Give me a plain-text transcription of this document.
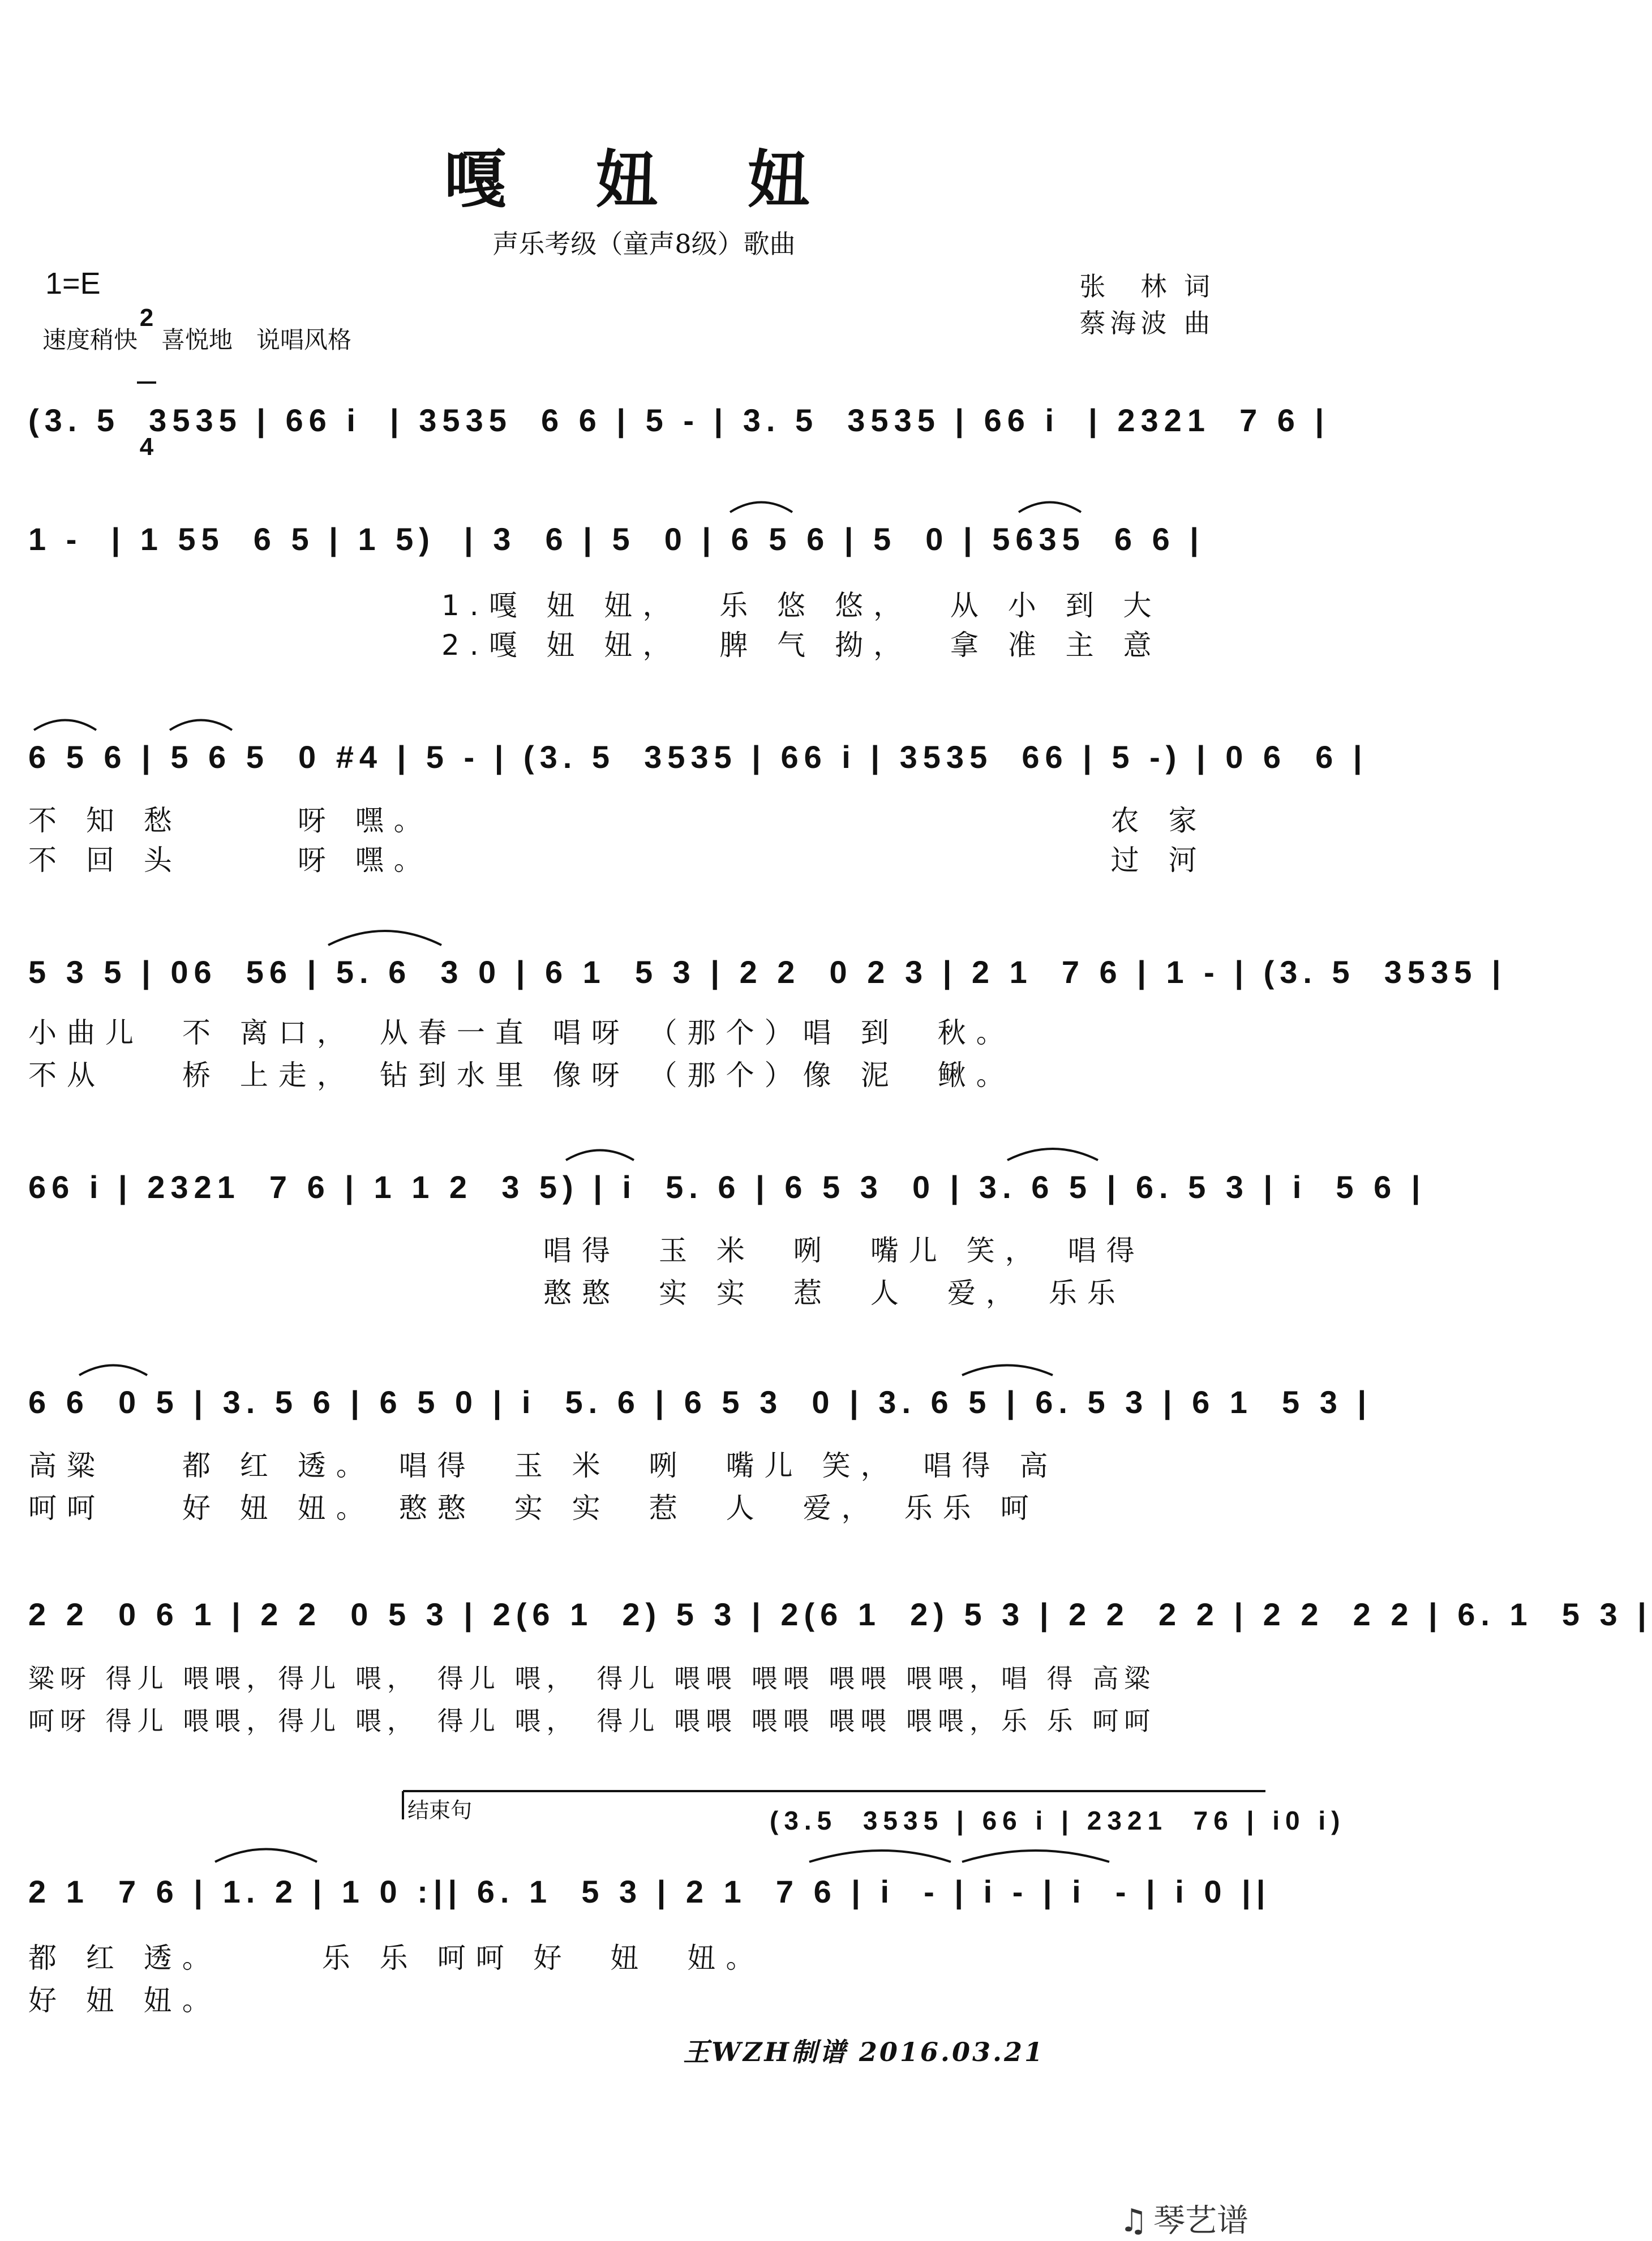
嘎 妞 妞
声乐考级（童声8级）歌曲
1=E

2

4

速度稍快　喜悦地　说唱风格
张　林 词
蔡海波 曲
(3. 5  3535 | 66 i  | 3535  6 6 | 5 - | 3. 5  3535 | 66 i  | 2321  7 6 |
1 -  | 1 55  6 5 | 1 5)  | 3  6 | 5  0 | 6 5 6 | 5  0 | 5635  6 6 |
1.嘎 妞 妞，  乐 悠 悠，  从 小 到 大
2.嘎 妞 妞，  脾 气 拗，  拿 准 主 意
6 5 6 | 5 6 5  0 #4 | 5 - | (3. 5  3535 | 66 i | 3535  66 | 5 -) | 0 6  6 |
不 知 愁　　　呀 嘿。　　　　　　　　　　　　　　　　　　农 家
不 回 头　　　呀 嘿。　　　　　　　　　　　　　　　　　　过 河
5 3 5 | 06  56 | 5. 6  3 0 | 6 1  5 3 | 2 2  0 2 3 | 2 1  7 6 | 1 - | (3. 5  3535 |
小曲儿　不 离口，　从春一直 唱呀 （那个）唱 到　秋。
不从　　桥 上走，　钻到水里 像呀 （那个）像 泥　鳅。
66 i | 2321  7 6 | 1 1 2  3 5) | i  5. 6 | 6 5 3  0 | 3. 6 5 | 6. 5 3 | i  5 6 |
唱得　玉 米　咧　嘴儿 笑，　唱得
憨憨　实 实　惹　人　爱，　乐乐
6 6  0 5 | 3. 5 6 | 6 5 0 | i  5. 6 | 6 5 3  0 | 3. 6 5 | 6. 5 3 | 6 1  5 3 |
高粱　　都 红 透。　唱得　玉 米　咧　嘴儿 笑，　唱得 高
呵呵　　好 妞 妞。　憨憨　实 实　惹　人　爱，　乐乐 呵
2 2  0 6 1 | 2 2  0 5 3 | 2(6 1  2) 5 3 | 2(6 1  2) 5 3 | 2 2  2 2 | 2 2  2 2 | 6. 1  5 3 |
粱呀 得儿 喂喂，得儿 喂，　得儿 喂，　得儿 喂喂 喂喂 喂喂 喂喂，唱 得 高粱
呵呀 得儿 喂喂，得儿 喂，　得儿 喂，　得儿 喂喂 喂喂 喂喂 喂喂，乐 乐 呵呵
结束句	(3.5  3535 | 66 i | 2321  76 | i0 i)
2 1  7 6 | 1. 2 | 1 0 :|| 6. 1  5 3 | 2 1  7 6 | i  - | i - | i  - | i 0 ||
都 红 透。　　　乐 乐 呵呵 好　妞　妞。
好 妞 妞。
王WZH制谱 2016.03.21

♫ 琴艺谱
